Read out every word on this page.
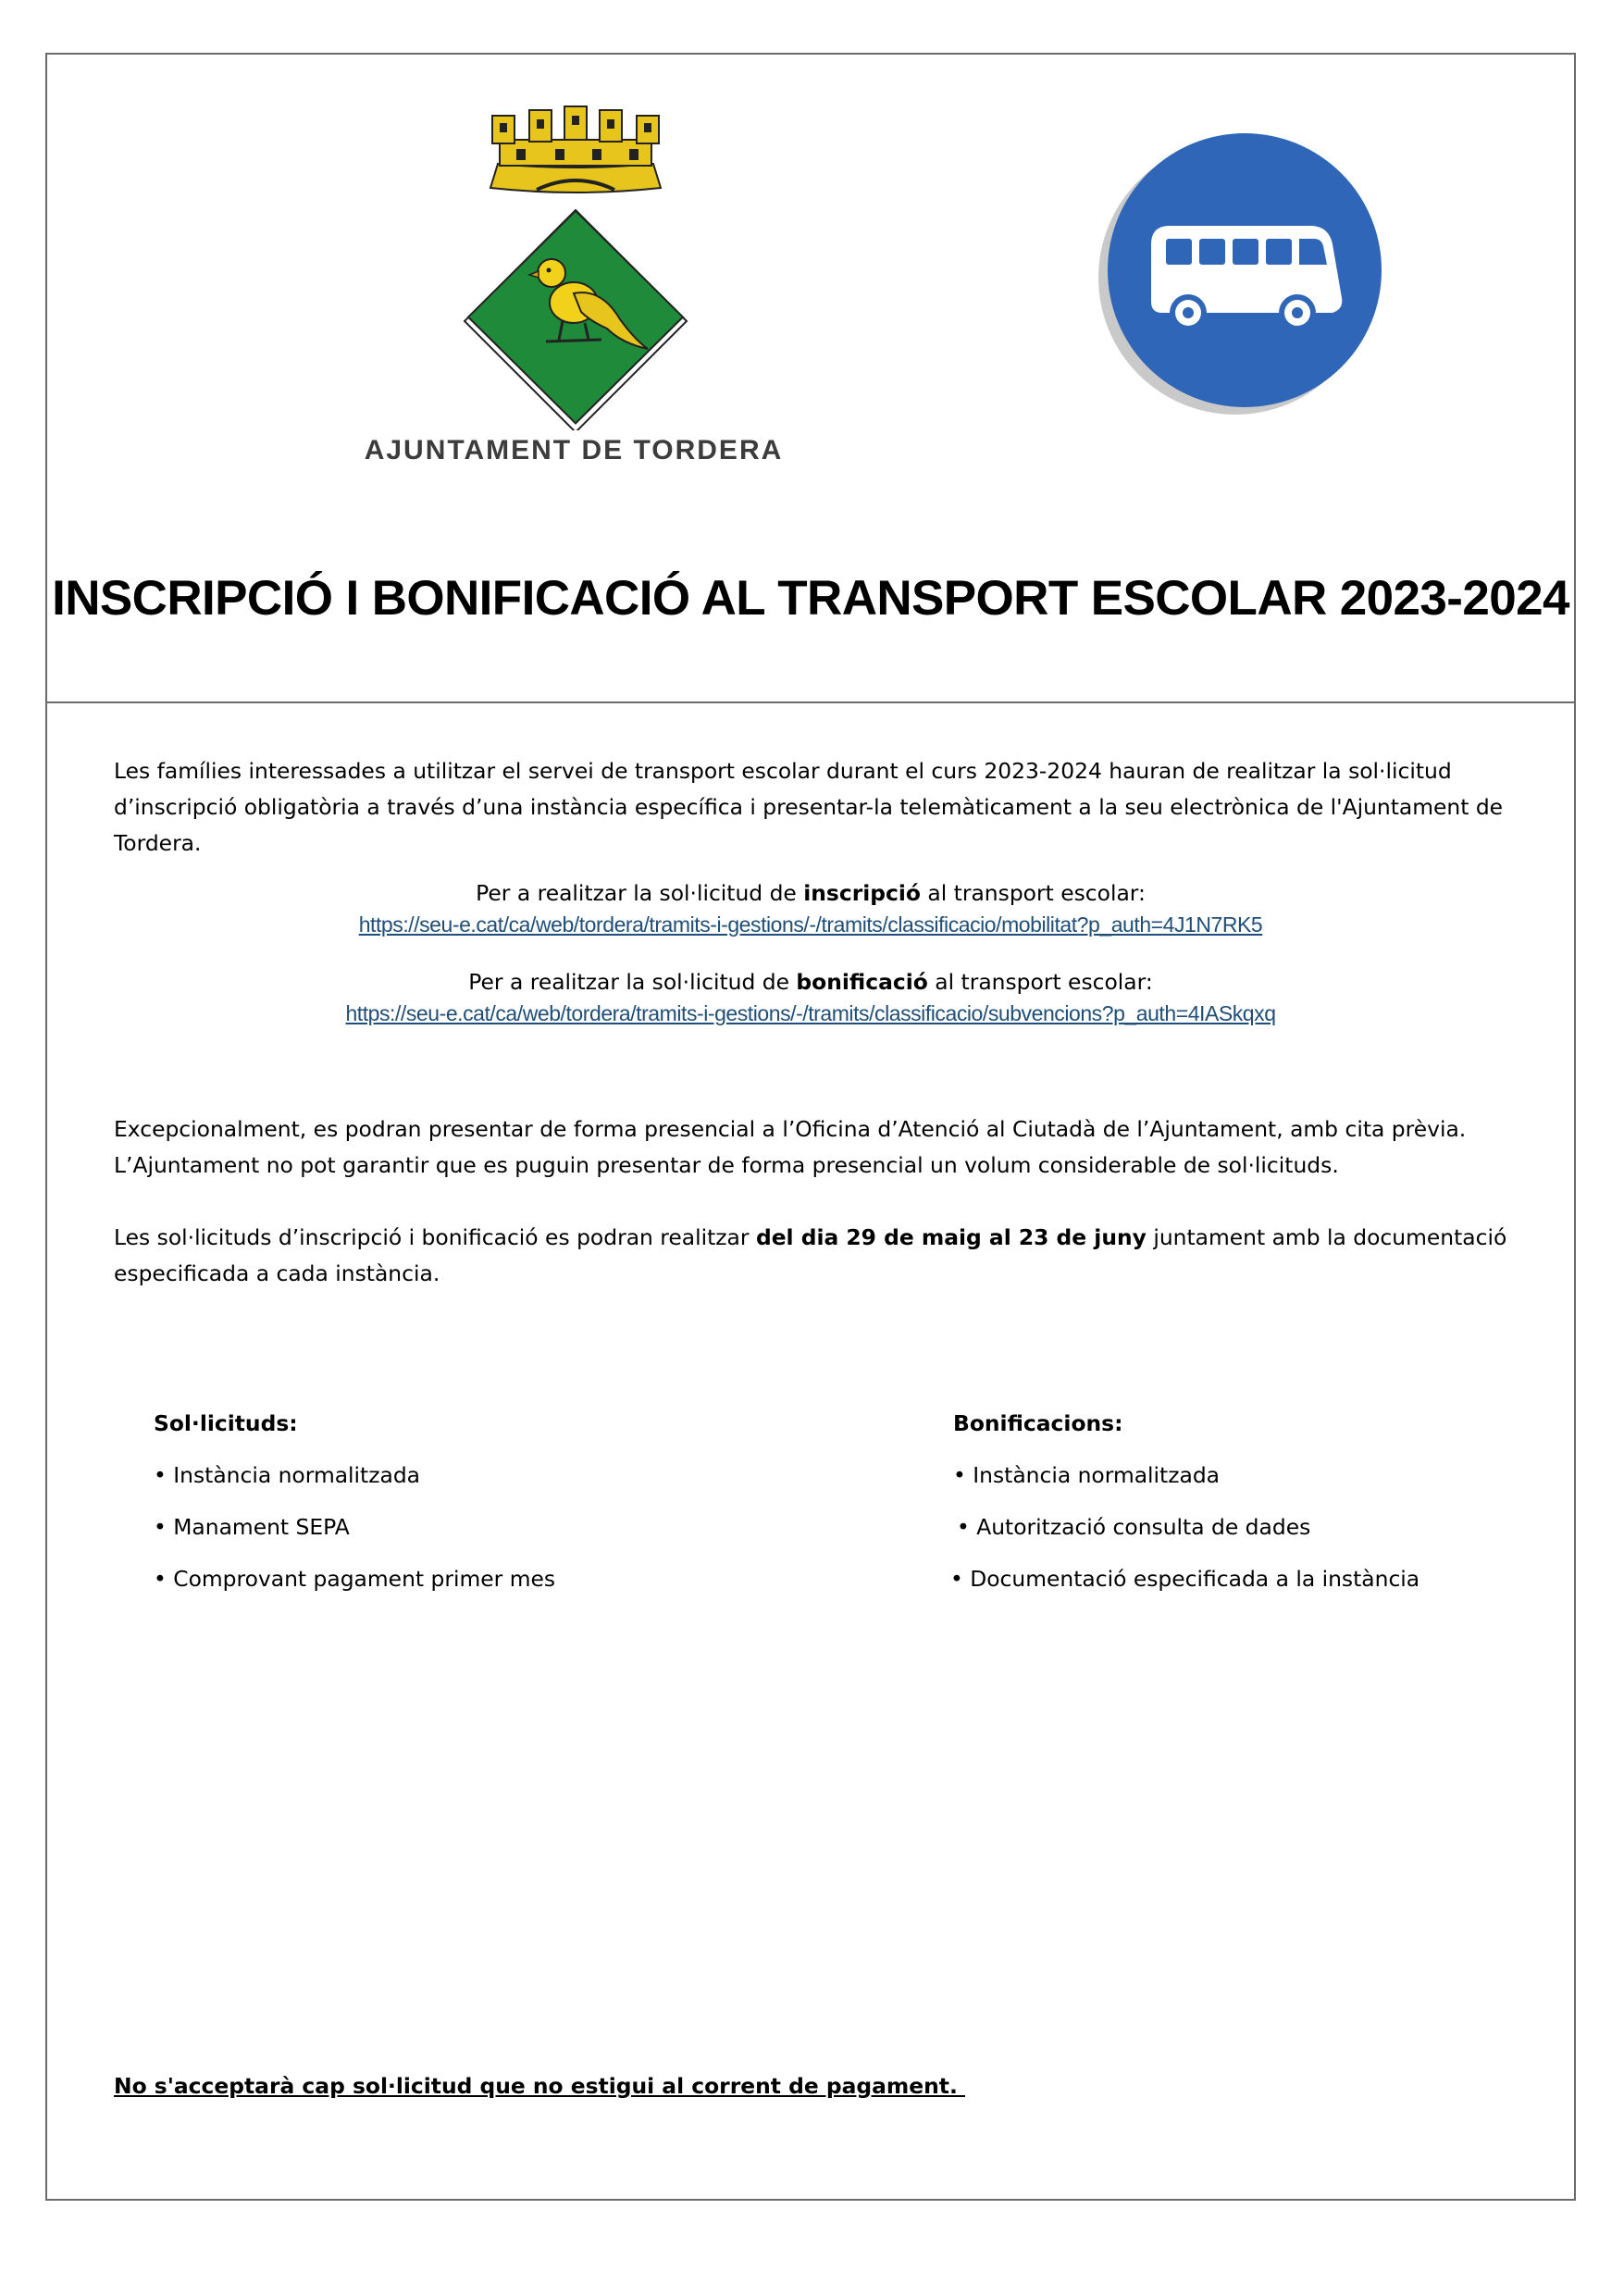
AJUNTAMENT DE TORDERA
INSCRIPCIÓ I BONIFICACIÓ AL TRANSPORT ESCOLAR 2023-2024
Les famílies interessades a utilitzar el servei de transport escolar durant el curs 2023-2024 hauran de realitzar la sol·licitud d’inscripció obligatòria a través d’una instància específica i presentar-la telemàticament a la seu electrònica de l'Ajuntament de Tordera.
Per a realitzar la sol·licitud de inscripció al transport escolar:
https://seu-e.cat/ca/web/tordera/tramits-i-gestions/-/tramits/classificacio/mobilitat?p_auth=4J1N7RK5
Per a realitzar la sol·licitud de bonificació al transport escolar:
https://seu-e.cat/ca/web/tordera/tramits-i-gestions/-/tramits/classificacio/subvencions?p_auth=4IASkqxq
Excepcionalment, es podran presentar de forma presencial a l’Oficina d’Atenció al Ciutadà de l’Ajuntament, amb cita prèvia. L’Ajuntament no pot garantir que es puguin presentar de forma presencial un volum considerable de sol·licituds.
Les sol·licituds d’inscripció i bonificació es podran realitzar del dia 29 de maig al 23 de juny juntament amb la documentació especificada a cada instància.
Sol·licituds:
• Instància normalitzada
• Manament SEPA
• Comprovant pagament primer mes
Bonificacions:
• Instància normalitzada
• Autorització consulta de dades
• Documentació especificada a la instància
No s'acceptarà cap sol·licitud que no estigui al corrent de pagament.
